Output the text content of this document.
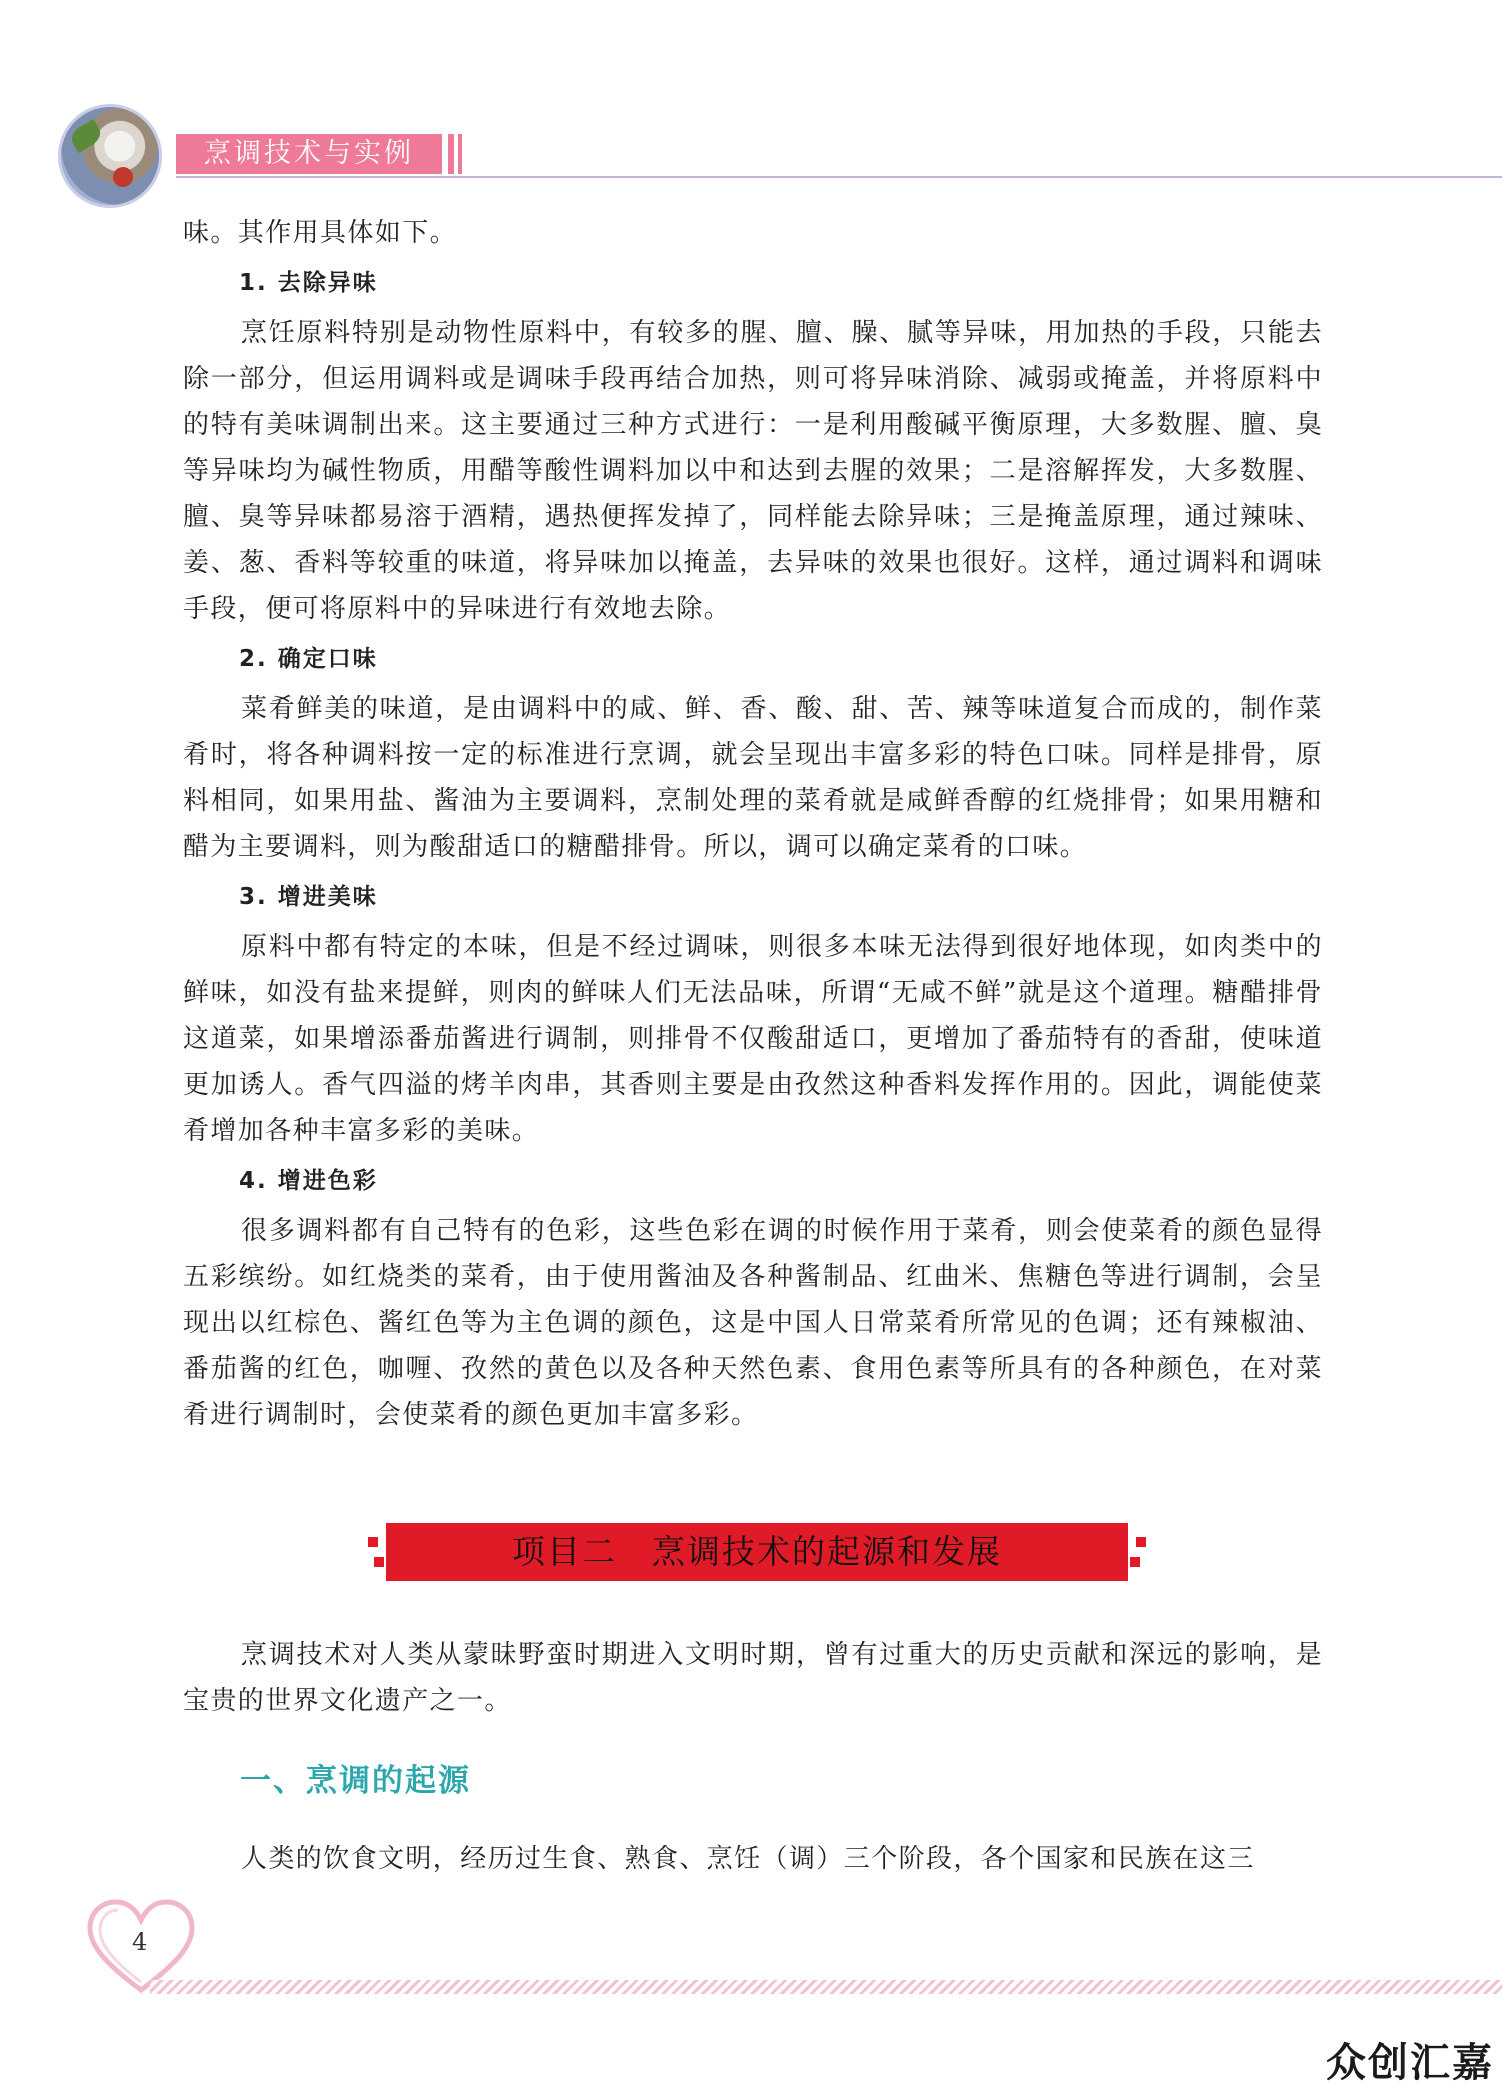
烹调技术与实例

味。其作用具体如下。

1. 去除异味

烹饪原料特别是动物性原料中，有较多的腥、膻、臊、腻等异味，用加热的手段，只能去除一部分，但运用调料或是调味手段再结合加热，则可将异味消除、减弱或掩盖，并将原料中的特有美味调制出来。这主要通过三种方式进行：一是利用酸碱平衡原理，大多数腥、膻、臭等异味均为碱性物质，用醋等酸性调料加以中和达到去腥的效果；二是溶解挥发，大多数腥、膻、臭等异味都易溶于酒精，遇热便挥发掉了，同样能去除异味；三是掩盖原理，通过辣味、姜、葱、香料等较重的味道，将异味加以掩盖，去异味的效果也很好。这样，通过调料和调味手段，便可将原料中的异味进行有效地去除。

2. 确定口味

菜肴鲜美的味道，是由调料中的咸、鲜、香、酸、甜、苦、辣等味道复合而成的，制作菜肴时，将各种调料按一定的标准进行烹调，就会呈现出丰富多彩的特色口味。同样是排骨，原料相同，如果用盐、酱油为主要调料，烹制处理的菜肴就是咸鲜香醇的红烧排骨；如果用糖和醋为主要调料，则为酸甜适口的糖醋排骨。所以，调可以确定菜肴的口味。

3. 增进美味

原料中都有特定的本味，但是不经过调味，则很多本味无法得到很好地体现，如肉类中的鲜味，如没有盐来提鲜，则肉的鲜味人们无法品味，所谓“无咸不鲜”就是这个道理。糖醋排骨这道菜，如果增添番茄酱进行调制，则排骨不仅酸甜适口，更增加了番茄特有的香甜，使味道更加诱人。香气四溢的烤羊肉串，其香则主要是由孜然这种香料发挥作用的。因此，调能使菜肴增加各种丰富多彩的美味。

4. 增进色彩

很多调料都有自己特有的色彩，这些色彩在调的时候作用于菜肴，则会使菜肴的颜色显得五彩缤纷。如红烧类的菜肴，由于使用酱油及各种酱制品、红曲米、焦糖色等进行调制，会呈现出以红棕色、酱红色等为主色调的颜色，这是中国人日常菜肴所常见的色调；还有辣椒油、番茄酱的红色，咖喱、孜然的黄色以及各种天然色素、食用色素等所具有的各种颜色，在对菜肴进行调制时，会使菜肴的颜色更加丰富多彩。

项目二　烹调技术的起源和发展

烹调技术对人类从蒙昧野蛮时期进入文明时期，曾有过重大的历史贡献和深远的影响，是宝贵的世界文化遗产之一。

一、烹调的起源

人类的饮食文明，经历过生食、熟食、烹饪（调）三个阶段，各个国家和民族在这三

4
众创汇嘉
